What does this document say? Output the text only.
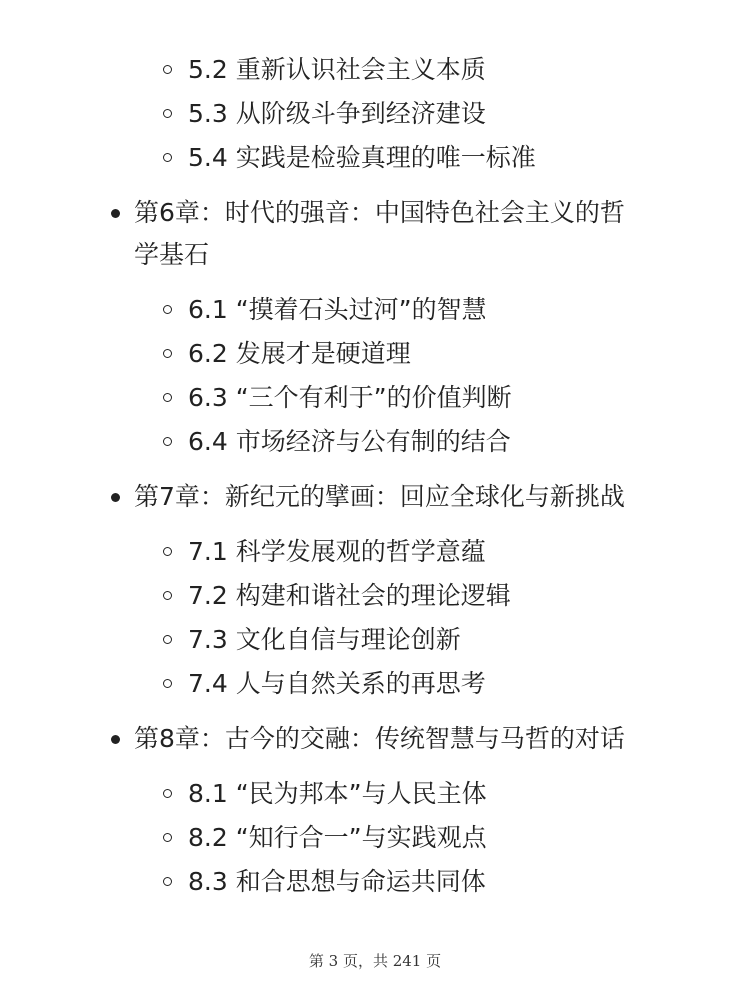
5.2 重新认识社会主义本质
5.3 从阶级斗争到经济建设
5.4 实践是检验真理的唯一标准
第6章：时代的强音：中国特色社会主义的哲
学基石
6.1 “摸着石头过河”的智慧
6.2 发展才是硬道理
6.3 “三个有利于”的价值判断
6.4 市场经济与公有制的结合
第7章：新纪元的擘画：回应全球化与新挑战
7.1 科学发展观的哲学意蕴
7.2 构建和谐社会的理论逻辑
7.3 文化自信与理论创新
7.4 人与自然关系的再思考
第8章：古今的交融：传统智慧与马哲的对话
8.1 “民为邦本”与人民主体
8.2 “知行合一”与实践观点
8.3 和合思想与命运共同体
第 3 页，共 241 页
